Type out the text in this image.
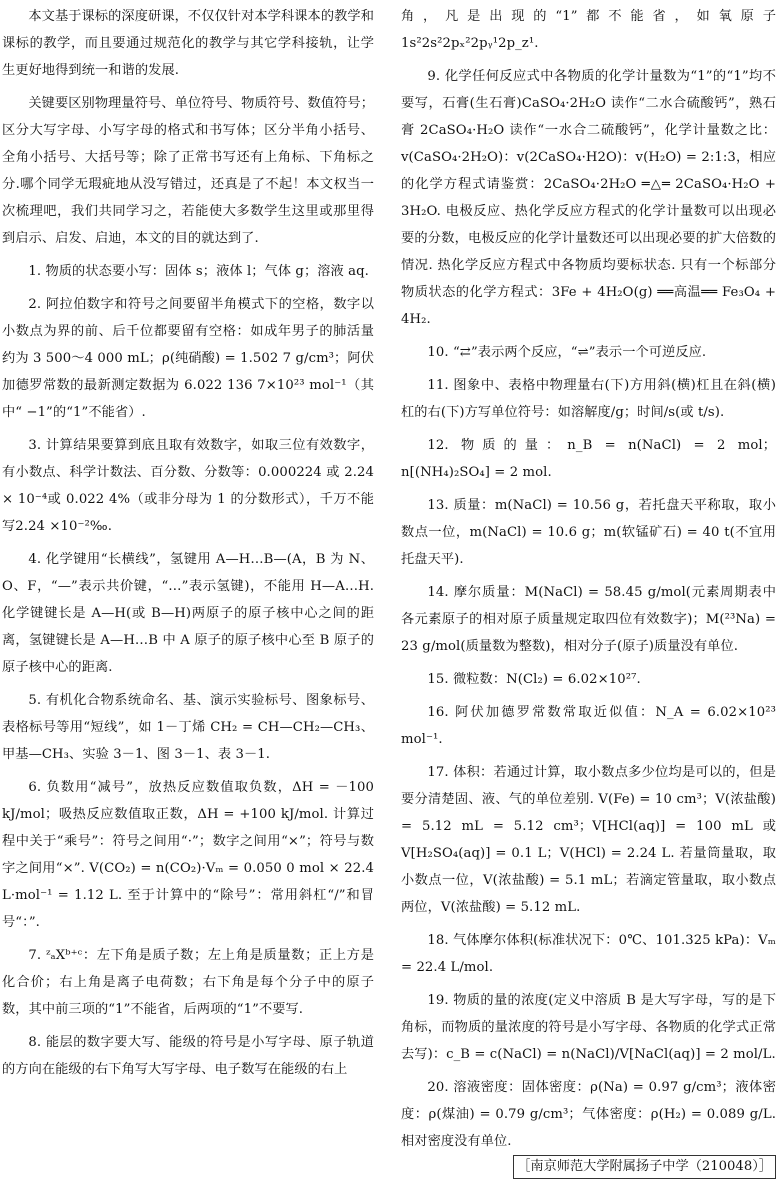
本文基于课标的深度研课，不仅仅针对本学科课本的教学和课标的教学，而且要通过规范化的教学与其它学科接轨，让学生更好地得到统一和谐的发展.

关键要区别物理量符号、单位符号、物质符号、数值符号；区分大写字母、小写字母的格式和书写体；区分半角小括号、全角小括号、大括号等；除了正常书写还有上角标、下角标之分.哪个同学无瑕疵地从没写错过，还真是了不起！本文权当一次梳理吧，我们共同学习之，若能使大多数学生这里或那里得到启示、启发、启迪，本文的目的就达到了.

1. 物质的状态要小写：固体 s；液体 l；气体 g；溶液 aq.

2. 阿拉伯数字和符号之间要留半角模式下的空格，数字以小数点为界的前、后千位都要留有空格：如成年男子的肺活量约为 3 500～4 000 mL；ρ(纯硝酸) = 1.502 7 g/cm³；阿伏加德罗常数的最新测定数据为 6.022 136 7×10²³ mol⁻¹（其中“ −1”的“1”不能省）.

3. 计算结果要算到底且取有效数字，如取三位有效数字，有小数点、科学计数法、百分数、分数等：0.000224 或 2.24 × 10⁻⁴或 0.022 4%（或非分母为 1 的分数形式），千万不能写2.24 ×10⁻²‰.

4. 化学键用“长横线”，氢键用 A—H…B—(A，B 为 N、O、F，“—”表示共价键，“…”表示氢键)，不能用 H—A…H. 化学键键长是 A—H(或 B—H)两原子的原子核中心之间的距离，氢键键长是 A—H…B 中 A 原子的原子核中心至 B 原子的原子核中心的距离.

5. 有机化合物系统命名、基、演示实验标号、图象标号、表格标号等用“短线”，如 1－丁烯 CH₂ = CH—CH₂—CH₃、甲基—CH₃、实验 3－1、图 3－1、表 3－1.

6. 负数用“减号”，放热反应数值取负数，ΔH = －100 kJ/mol；吸热反应数值取正数，ΔH = +100 kJ/mol. 计算过程中关于“乘号”：符号之间用“·”；数字之间用“×”；符号与数字之间用“×”. V(CO₂) = n(CO₂)·Vₘ = 0.050 0 mol × 22.4 L·mol⁻¹ = 1.12 L. 至于计算中的“除号”：常用斜杠“/”和冒号“：”.

7. ᶻₐXᵇ⁺ᶜ：左下角是质子数；左上角是质量数；正上方是化合价；右上角是离子电荷数；右下角是每个分子中的原子数，其中前三项的“1”不能省，后两项的“1”不要写.

8. 能层的数字要大写、能级的符号是小写字母、原子轨道的方向在能级的右下角写大写字母、电子数写在能级的右上

角，凡是出现的“1”都不能省，如氧原子 1s²2s²2pₓ²2pᵧ¹2p_z¹.

9. 化学任何反应式中各物质的化学计量数为“1”的“1”均不要写，石膏(生石膏)CaSO₄·2H₂O 读作“二水合硫酸钙”，熟石膏 2CaSO₄·H₂O 读作“一水合二硫酸钙”，化学计量数之比：v(CaSO₄·2H₂O)：v(2CaSO₄·H2O)：v(H₂O) = 2:1:3，相应的化学方程式请鉴赏：2CaSO₄·2H₂O ═△═ 2CaSO₄·H₂O + 3H₂O. 电极反应、热化学反应方程式的化学计量数可以出现必要的分数，电极反应的化学计量数还可以出现必要的扩大倍数的情况. 热化学反应方程式中各物质均要标状态. 只有一个标部分物质状态的化学方程式：3Fe + 4H₂O(g) ══高温══ Fe₃O₄ + 4H₂.

10. “⇄”表示两个反应，“⇌”表示一个可逆反应.

11. 图象中、表格中物理量右(下)方用斜(横)杠且在斜(横)杠的右(下)方写单位符号：如溶解度/g；时间/s(或 t/s).

12. 物质的量：n_B = n(NaCl) = 2 mol；n[(NH₄)₂SO₄] = 2 mol.

13. 质量：m(NaCl) = 10.56 g，若托盘天平称取，取小数点一位，m(NaCl) = 10.6 g；m(软锰矿石) = 40 t(不宜用托盘天平).

14. 摩尔质量：M(NaCl) = 58.45 g/mol(元素周期表中各元素原子的相对原子质量规定取四位有效数字)；M(²³Na) = 23 g/mol(质量数为整数)，相对分子(原子)质量没有单位.

15. 微粒数：N(Cl₂) = 6.02×10²⁷.

16. 阿伏加德罗常数常取近似值：N_A = 6.02×10²³ mol⁻¹.

17. 体积：若通过计算，取小数点多少位均是可以的，但是要分清楚固、液、气的单位差别. V(Fe) = 10 cm³；V(浓盐酸) = 5.12 mL = 5.12 cm³；V[HCl(aq)] = 100 mL 或 V[H₂SO₄(aq)] = 0.1 L；V(HCl) = 2.24 L. 若量筒量取，取小数点一位，V(浓盐酸) = 5.1 mL；若滴定管量取，取小数点两位，V(浓盐酸) = 5.12 mL.

18. 气体摩尔体积(标准状况下：0℃、101.325 kPa)：Vₘ = 22.4 L/mol.

19. 物质的量的浓度(定义中溶质 B 是大写字母，写的是下角标，而物质的量浓度的符号是小写字母、各物质的化学式正常去写)：c_B = c(NaCl) = n(NaCl)/V[NaCl(aq)] = 2 mol/L.

20. 溶液密度：固体密度：ρ(Na) = 0.97 g/cm³；液体密度：ρ(煤油) = 0.79 g/cm³；气体密度：ρ(H₂) = 0.089 g/L. 相对密度没有单位.

［南京师范大学附属扬子中学（210048）］
